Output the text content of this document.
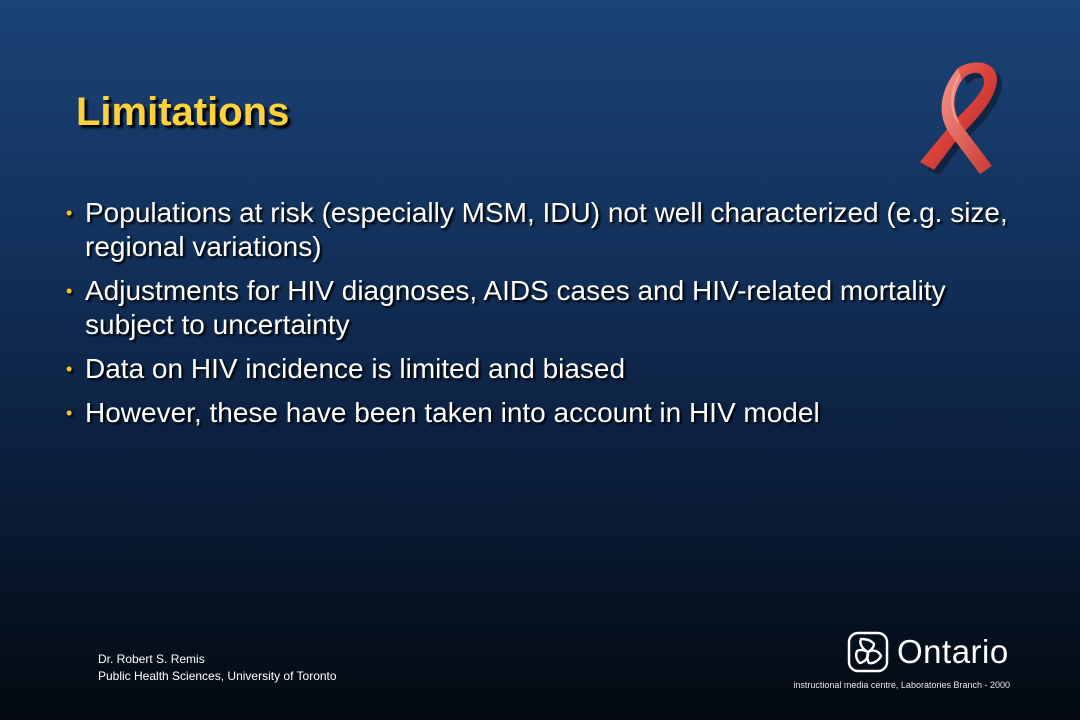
Limitations
• Populations at risk (especially MSM, IDU) not well characterized (e.g. size, regional variations)
• Adjustments for HIV diagnoses, AIDS cases and HIV-related mortality subject to uncertainty
• Data on HIV incidence is limited and biased
• However, these have been taken into account in HIV model
Dr. Robert S. Remis
Public Health Sciences, University of Toronto
Ontario
instructional media centre, Laboratories Branch - 2000
